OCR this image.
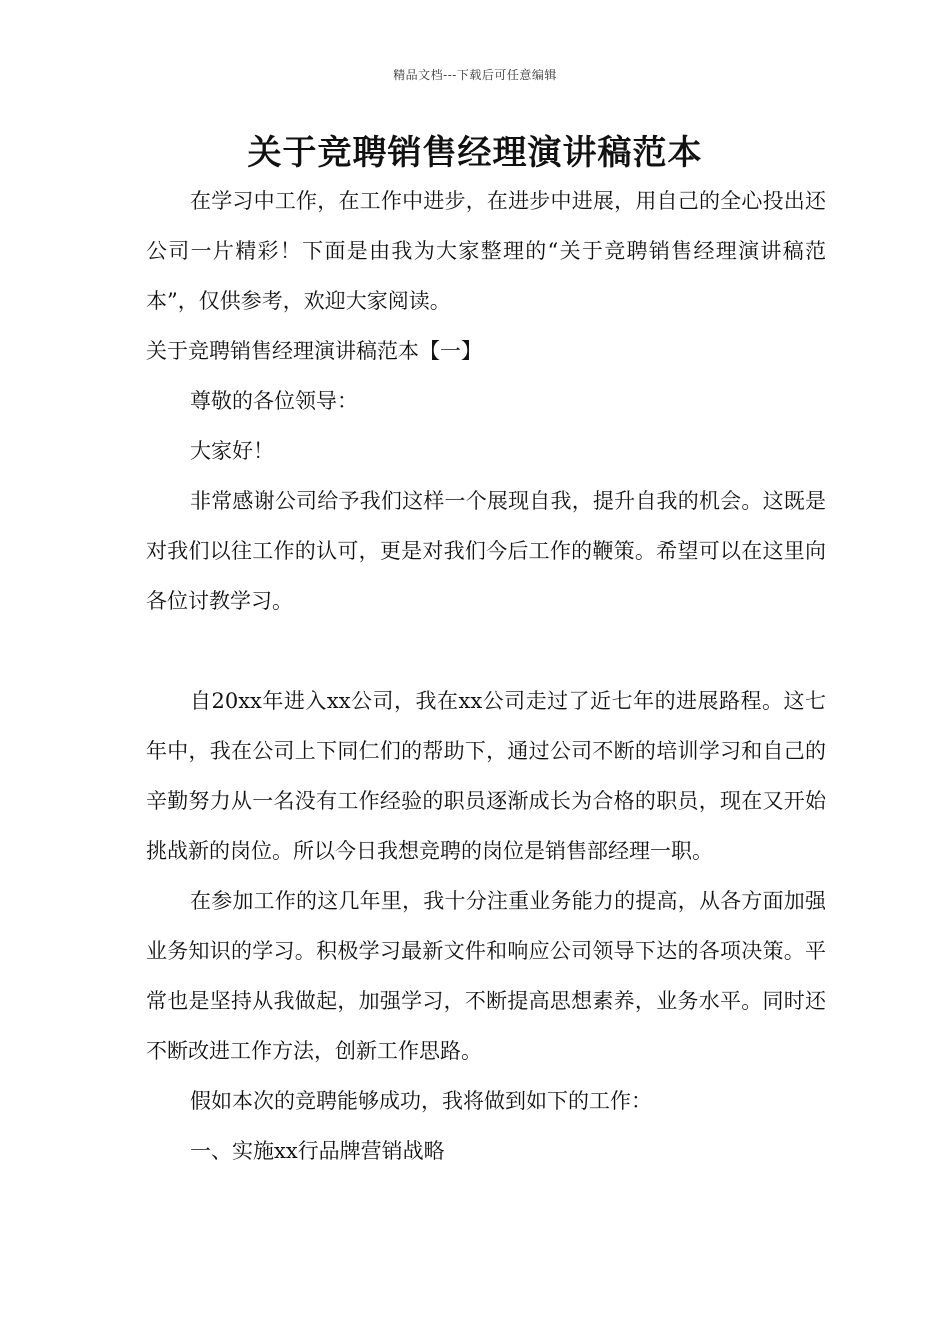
精品文档---下载后可任意编辑
关于竞聘销售经理演讲稿范本

在学习中工作，在工作中进步，在进步中进展，用自己的全心投出还公司一片精彩！下面是由我为大家整理的“关于竞聘销售经理演讲稿范本”，仅供参考，欢迎大家阅读。

关于竞聘销售经理演讲稿范本【一】

尊敬的各位领导：

大家好！

非常感谢公司给予我们这样一个展现自我，提升自我的机会。这既是对我们以往工作的认可，更是对我们今后工作的鞭策。希望可以在这里向各位讨教学习。

自20xx年进入xx公司，我在xx公司走过了近七年的进展路程。这七年中，我在公司上下同仁们的帮助下，通过公司不断的培训学习和自己的辛勤努力从一名没有工作经验的职员逐渐成长为合格的职员，现在又开始挑战新的岗位。所以今日我想竞聘的岗位是销售部经理一职。

在参加工作的这几年里，我十分注重业务能力的提高，从各方面加强业务知识的学习。积极学习最新文件和响应公司领导下达的各项决策。平常也是坚持从我做起，加强学习，不断提高思想素养，业务水平。同时还不断改进工作方法，创新工作思路。

假如本次的竞聘能够成功，我将做到如下的工作：

一、实施xx行品牌营销战略
